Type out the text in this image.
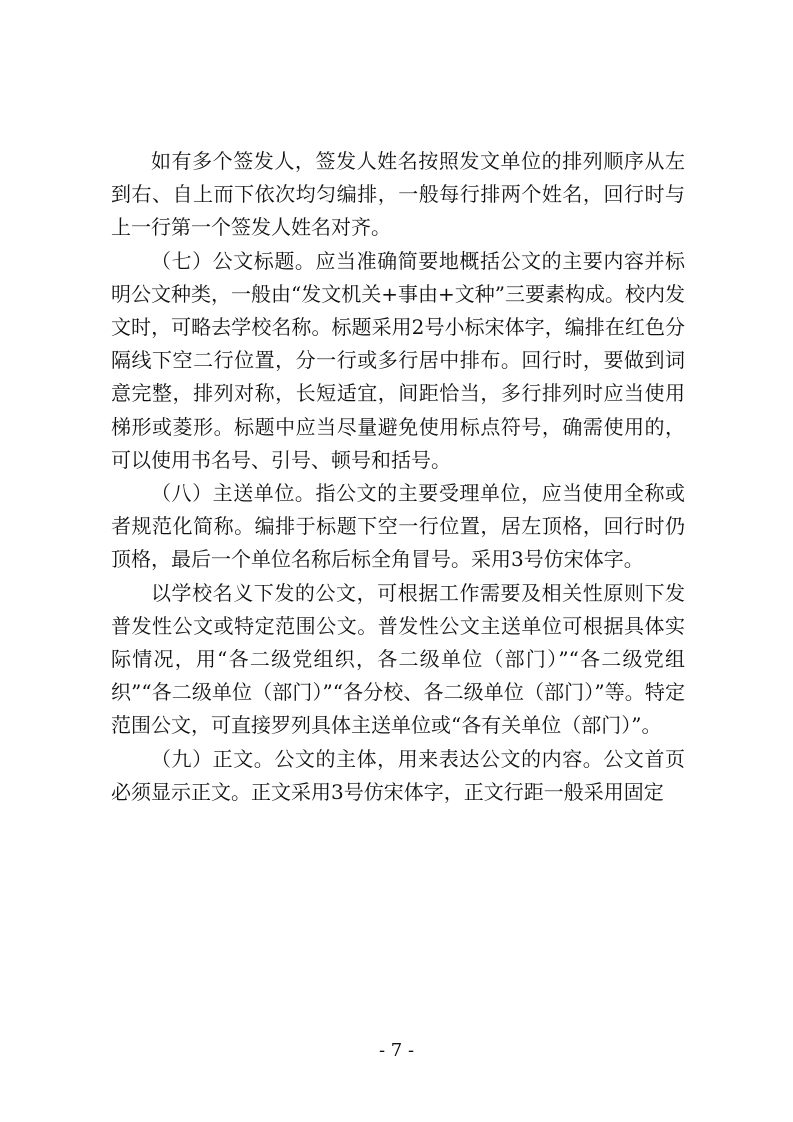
如有多个签发人，签发人姓名按照发文单位的排列顺序从左到右、自上而下依次均匀编排，一般每行排两个姓名，回行时与上一行第一个签发人姓名对齐。

（七）公文标题。应当准确简要地概括公文的主要内容并标明公文种类，一般由“发文机关+事由+文种”三要素构成。校内发文时，可略去学校名称。标题采用2号小标宋体字，编排在红色分隔线下空二行位置，分一行或多行居中排布。回行时，要做到词意完整，排列对称，长短适宜，间距恰当，多行排列时应当使用梯形或菱形。标题中应当尽量避免使用标点符号，确需使用的，可以使用书名号、引号、顿号和括号。

（八）主送单位。指公文的主要受理单位，应当使用全称或者规范化简称。编排于标题下空一行位置，居左顶格，回行时仍顶格，最后一个单位名称后标全角冒号。采用3号仿宋体字。

以学校名义下发的公文，可根据工作需要及相关性原则下发普发性公文或特定范围公文。普发性公文主送单位可根据具体实际情况，用“各二级党组织，各二级单位（部门）”“各二级党组织”“各二级单位（部门）”“各分校、各二级单位（部门）”等。特定范围公文，可直接罗列具体主送单位或“各有关单位（部门）”。

（九）正文。公文的主体，用来表达公文的内容。公文首页必须显示正文。正文采用3号仿宋体字，正文行距一般采用固定

- 7 -
